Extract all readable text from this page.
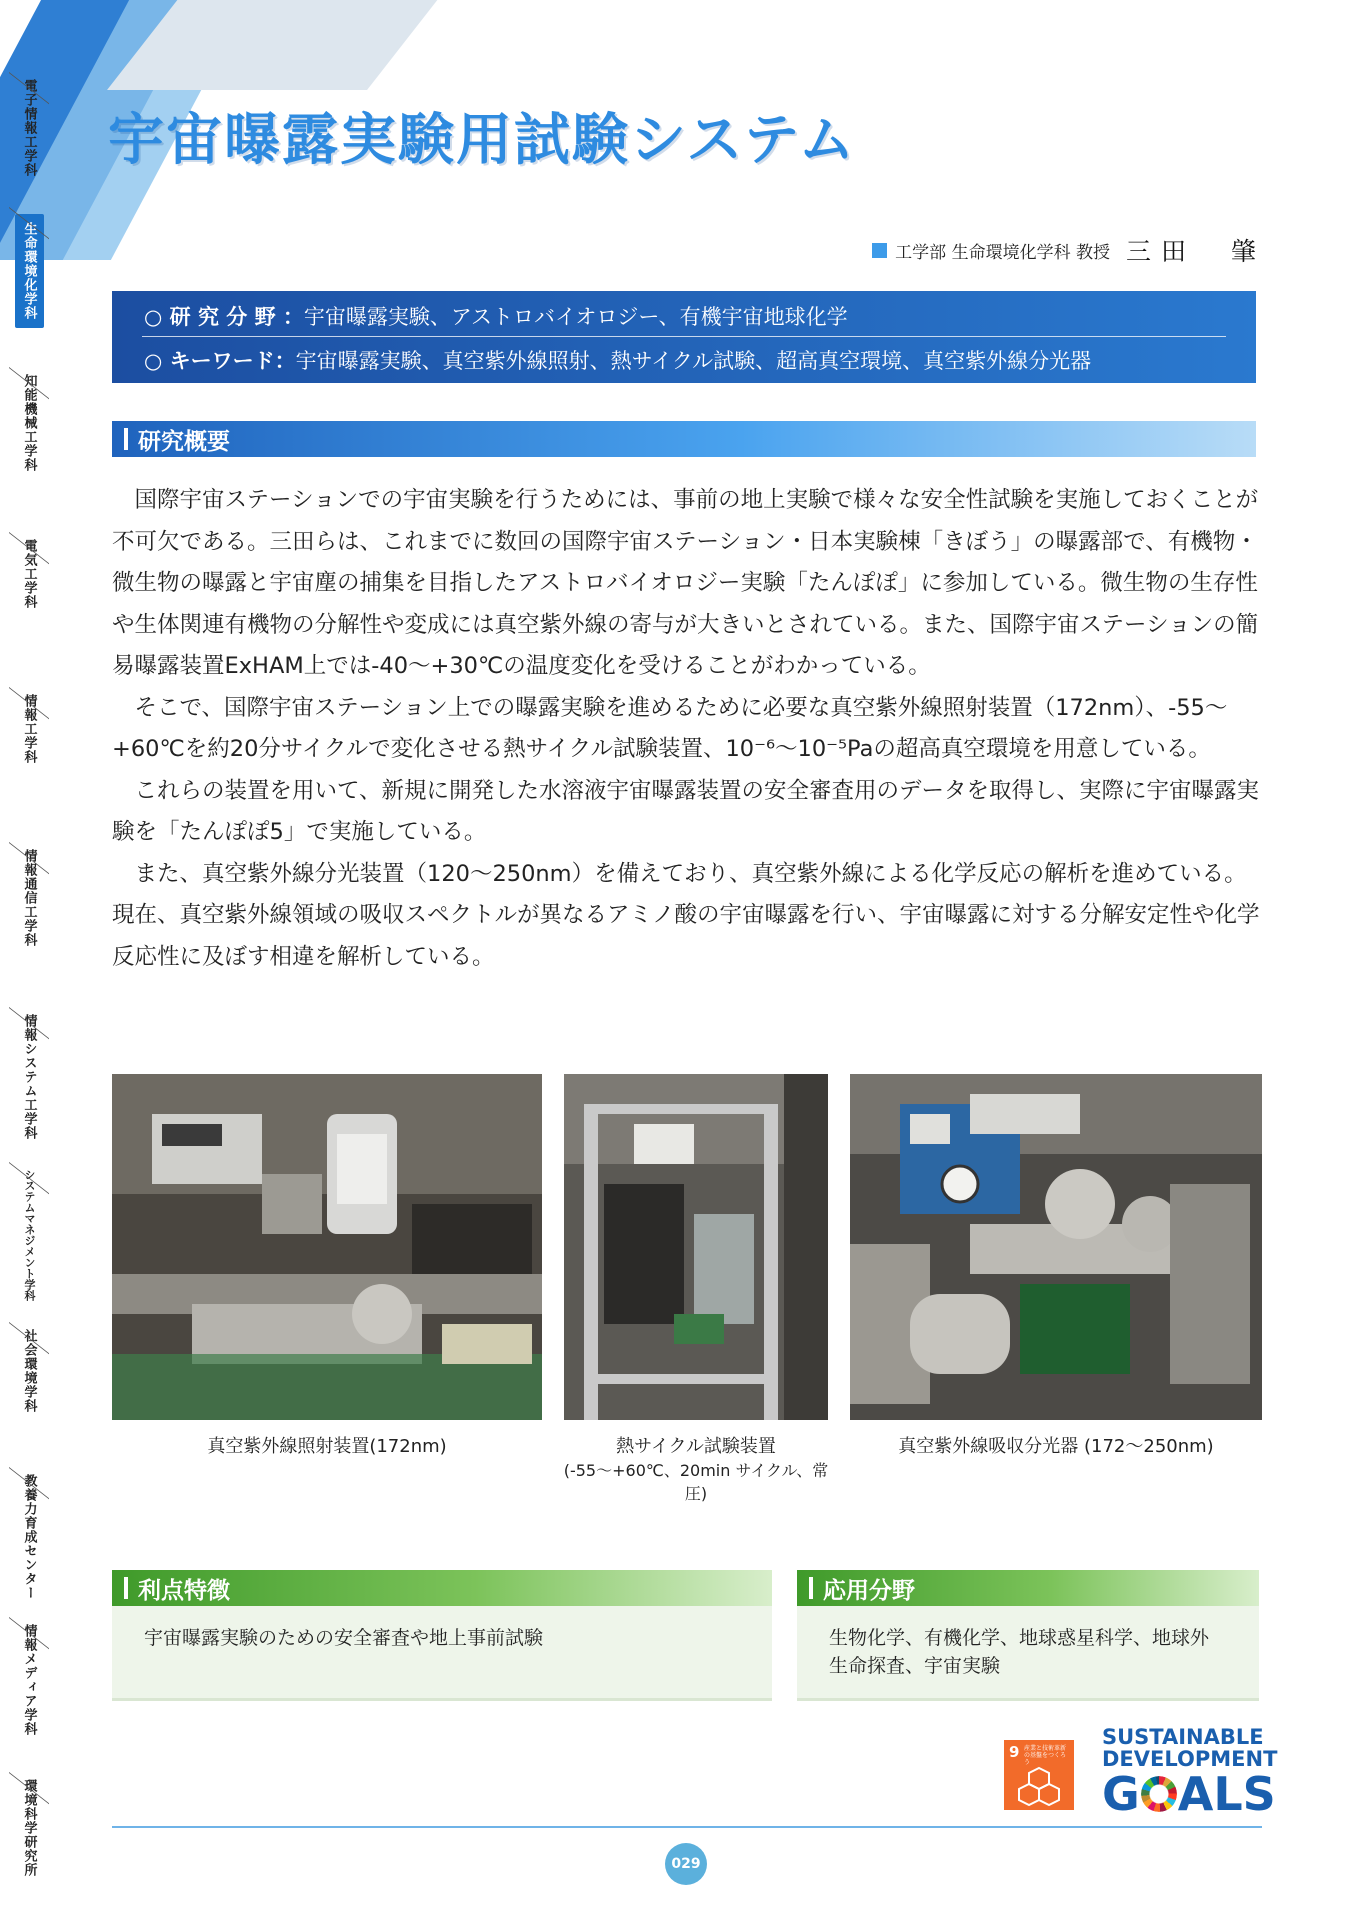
電子情報工学科
生命環境化学科
知能機械工学科
電気工学科
情報工学科
情報通信工学科
情報システム工学科
システムマネジメント学科
社会環境学科
教養力育成センター
情報メディア学科
環境科学研究所
宇宙曝露実験用試験システム
工学部 生命環境化学科 教授 三田　肇
○ 研 究 分 野 ： 宇宙曝露実験、アストロバイオロジー、有機宇宙地球化学
○ キーワード： 宇宙曝露実験、真空紫外線照射、熱サイクル試験、超高真空環境、真空紫外線分光器
研究概要

国際宇宙ステーションでの宇宙実験を行うためには、事前の地上実験で様々な安全性試験を実施しておくことが不可欠である。三田らは、これまでに数回の国際宇宙ステーション・日本実験棟「きぼう」の曝露部で、有機物・微生物の曝露と宇宙塵の捕集を目指したアストロバイオロジー実験「たんぽぽ」に参加している。微生物の生存性や生体関連有機物の分解性や変成には真空紫外線の寄与が大きいとされている。また、国際宇宙ステーションの簡易曝露装置ExHAM上では-40～+30℃の温度変化を受けることがわかっている。

そこで、国際宇宙ステーション上での曝露実験を進めるために必要な真空紫外線照射装置（172nm）、-55～+60℃を約20分サイクルで変化させる熱サイクル試験装置、10⁻⁶～10⁻⁵Paの超高真空環境を用意している。

これらの装置を用いて、新規に開発した水溶液宇宙曝露装置の安全審査用のデータを取得し、実際に宇宙曝露実験を「たんぽぽ5」で実施している。

また、真空紫外線分光装置（120～250nm）を備えており、真空紫外線による化学反応の解析を進めている。現在、真空紫外線領域の吸収スペクトルが異なるアミノ酸の宇宙曝露を行い、宇宙曝露に対する分解安定性や化学反応性に及ぼす相違を解析している。

真空紫外線照射装置(172nm)	熱サイクル試験装置
(-55～+60℃、20min サイクル、常圧)
真空紫外線吸収分光器 (172～250nm)
利点特徴
宇宙曝露実験のための安全審査や地上事前試験
応用分野
生物化学、有機化学、地球惑星科学、地球外生命探査、宇宙実験
9 産業と技術革新の基盤をつくろう
SUSTAINABLE
DEVELOPMENT
G ALS
029
